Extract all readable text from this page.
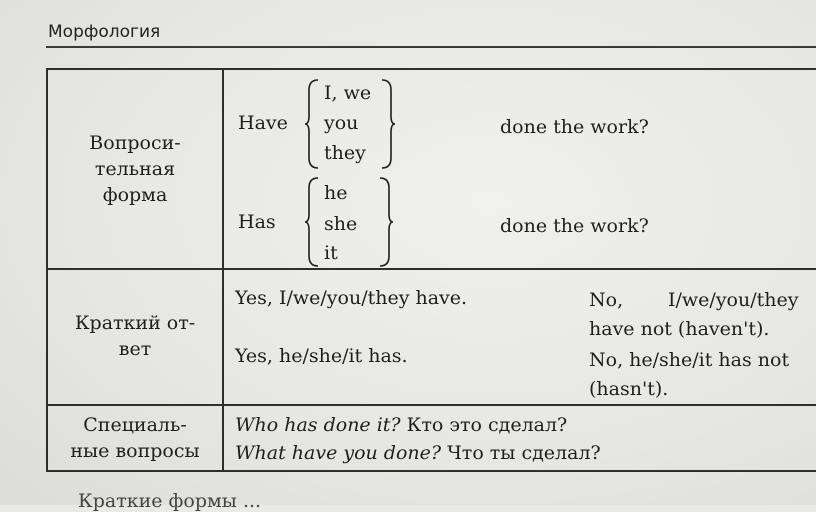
Морфология
Вопроси-
тельная
форма
Have
I, we
you
they
done the work?
Has
he
she
it
done the work?
Краткий от-
вет
Yes, I/we/you/they have.	No, I/we/you/they
have not (haven't).
Yes, he/she/it has.	No, he/she/it has not
(hasn't).
Специаль-
ные вопросы
Who has done it? Кто это сделал?
What have you done? Что ты сделал?
Краткие формы ...
